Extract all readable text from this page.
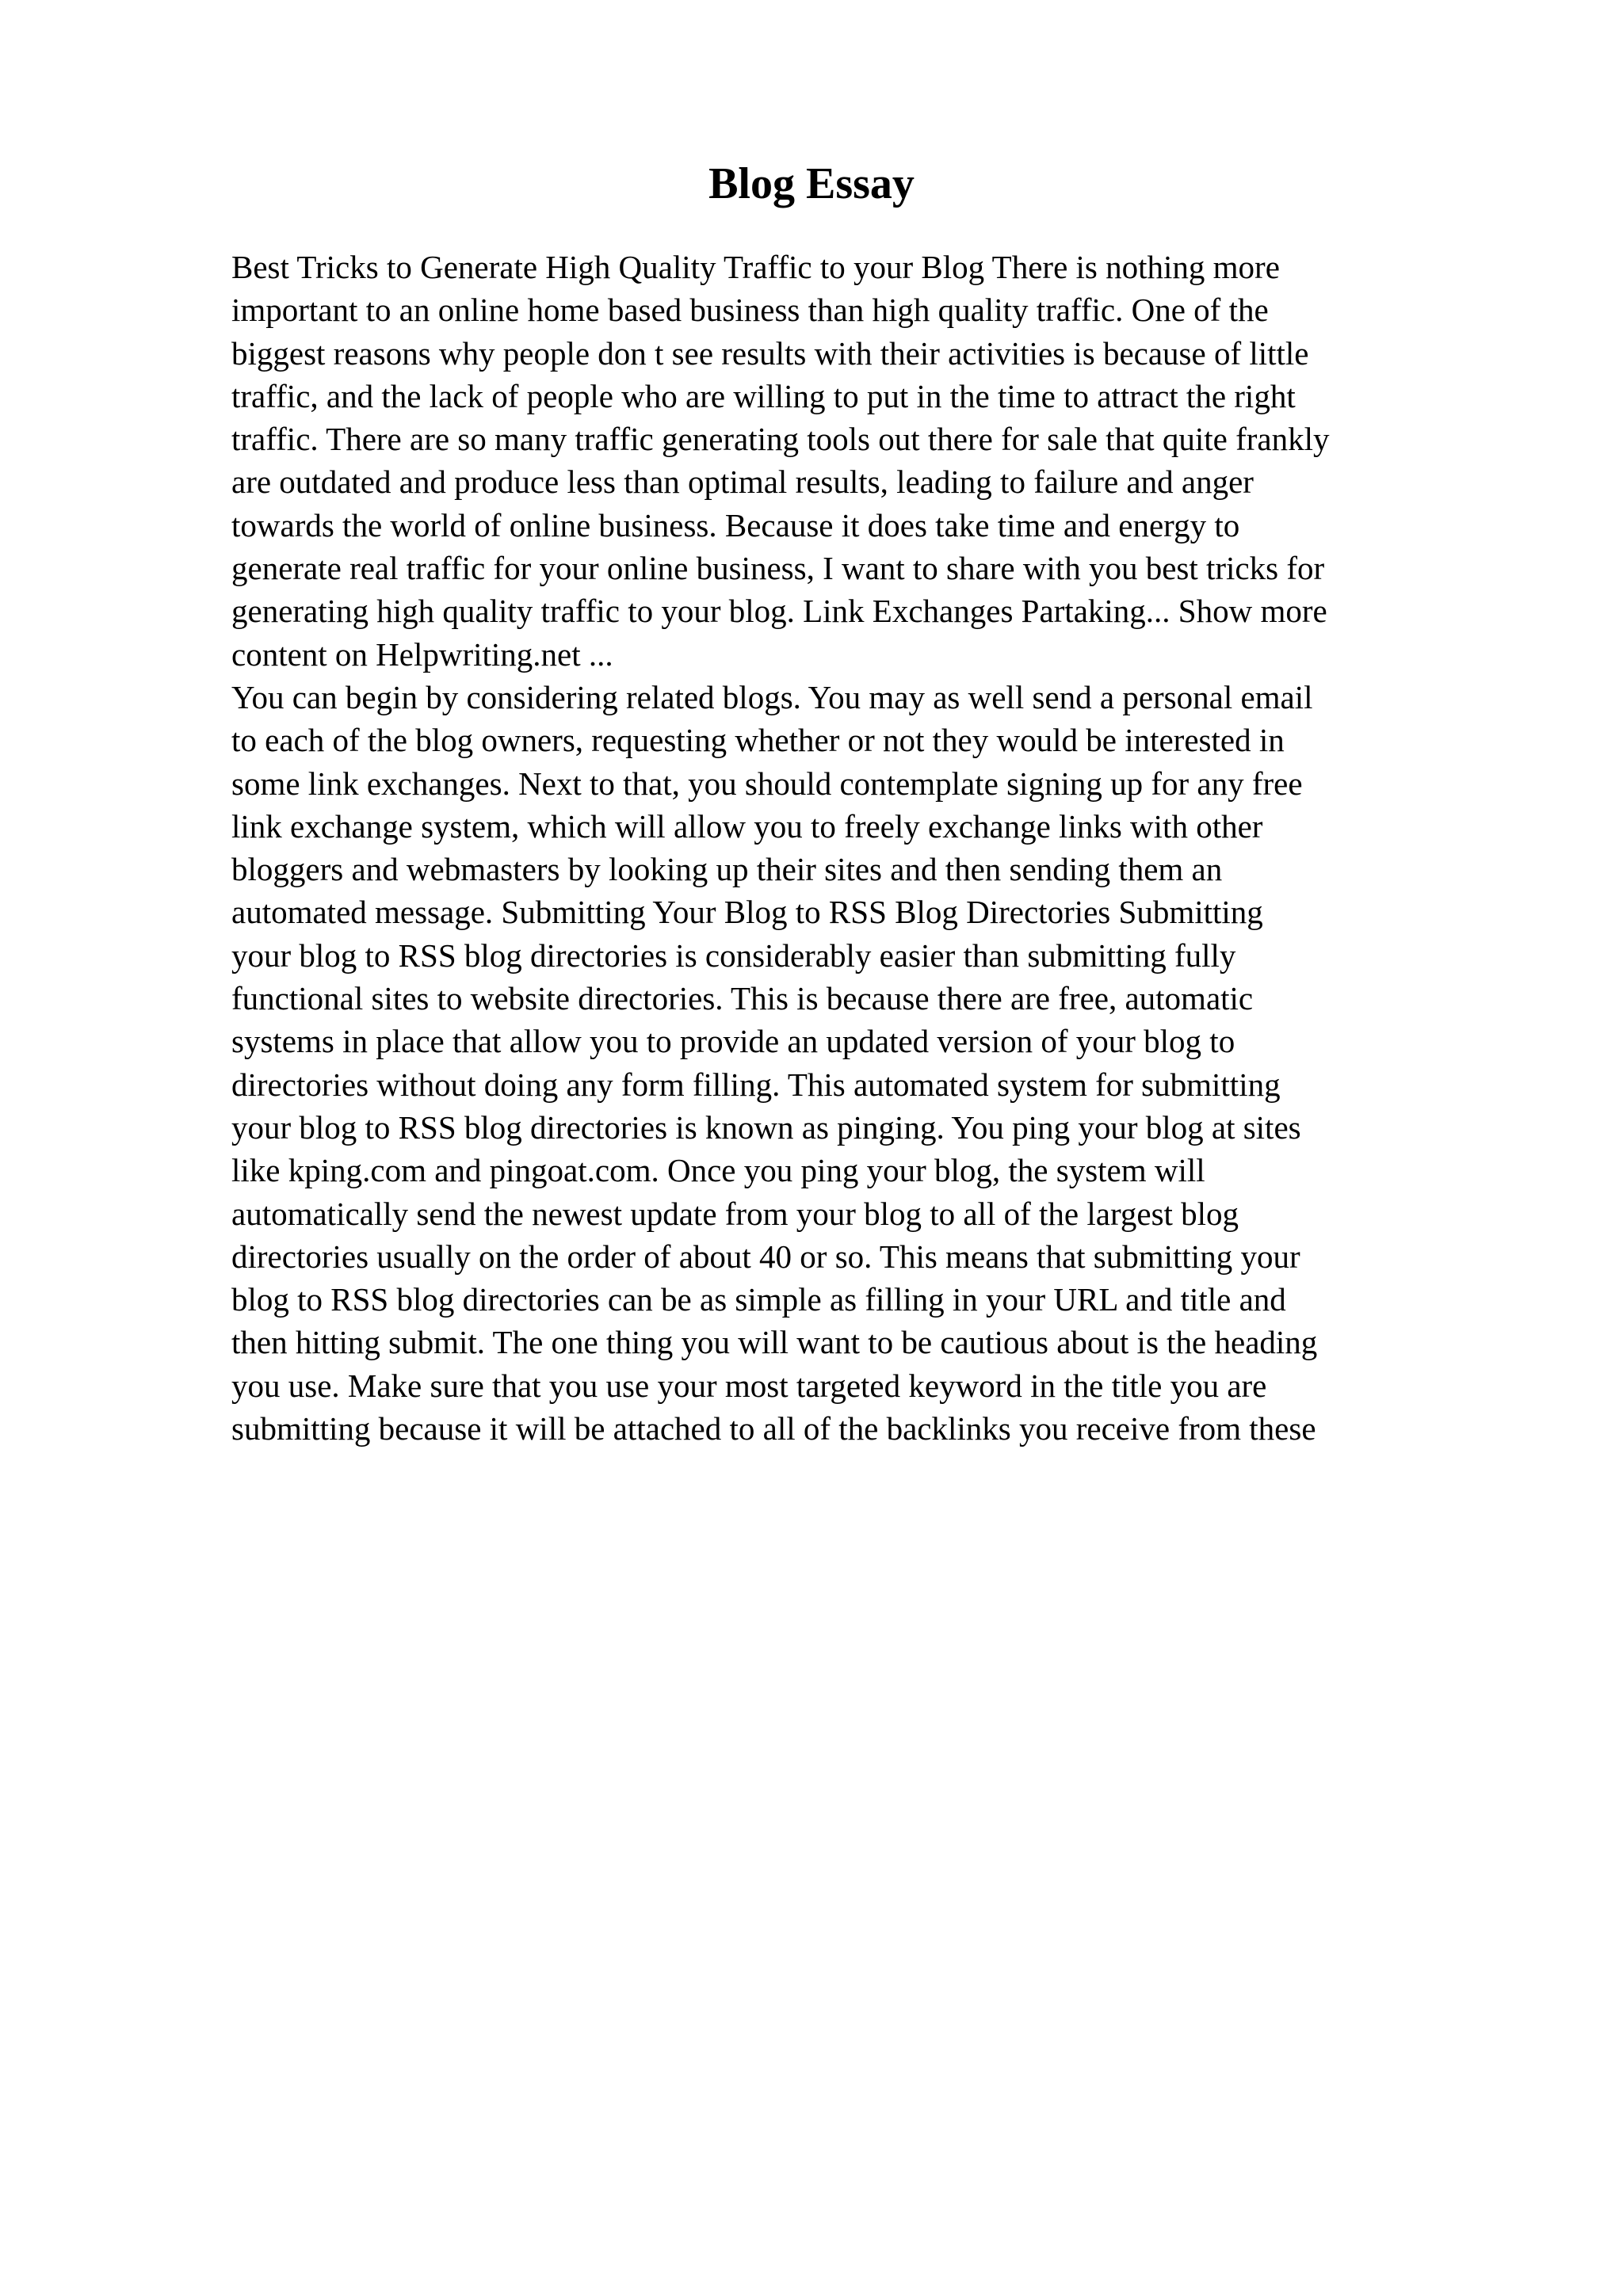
Blog Essay
Best Tricks to Generate High Quality Traffic to your Blog There is nothing more
important to an online home based business than high quality traffic. One of the
biggest reasons why people don t see results with their activities is because of little
traffic, and the lack of people who are willing to put in the time to attract the right
traffic. There are so many traffic generating tools out there for sale that quite frankly
are outdated and produce less than optimal results, leading to failure and anger
towards the world of online business. Because it does take time and energy to
generate real traffic for your online business, I want to share with you best tricks for
generating high quality traffic to your blog. Link Exchanges Partaking... Show more
content on Helpwriting.net ...
You can begin by considering related blogs. You may as well send a personal email
to each of the blog owners, requesting whether or not they would be interested in
some link exchanges. Next to that, you should contemplate signing up for any free
link exchange system, which will allow you to freely exchange links with other
bloggers and webmasters by looking up their sites and then sending them an
automated message. Submitting Your Blog to RSS Blog Directories Submitting
your blog to RSS blog directories is considerably easier than submitting fully
functional sites to website directories. This is because there are free, automatic
systems in place that allow you to provide an updated version of your blog to
directories without doing any form filling. This automated system for submitting
your blog to RSS blog directories is known as pinging. You ping your blog at sites
like kping.com and pingoat.com. Once you ping your blog, the system will
automatically send the newest update from your blog to all of the largest blog
directories usually on the order of about 40 or so. This means that submitting your
blog to RSS blog directories can be as simple as filling in your URL and title and
then hitting submit. The one thing you will want to be cautious about is the heading
you use. Make sure that you use your most targeted keyword in the title you are
submitting because it will be attached to all of the backlinks you receive from these
